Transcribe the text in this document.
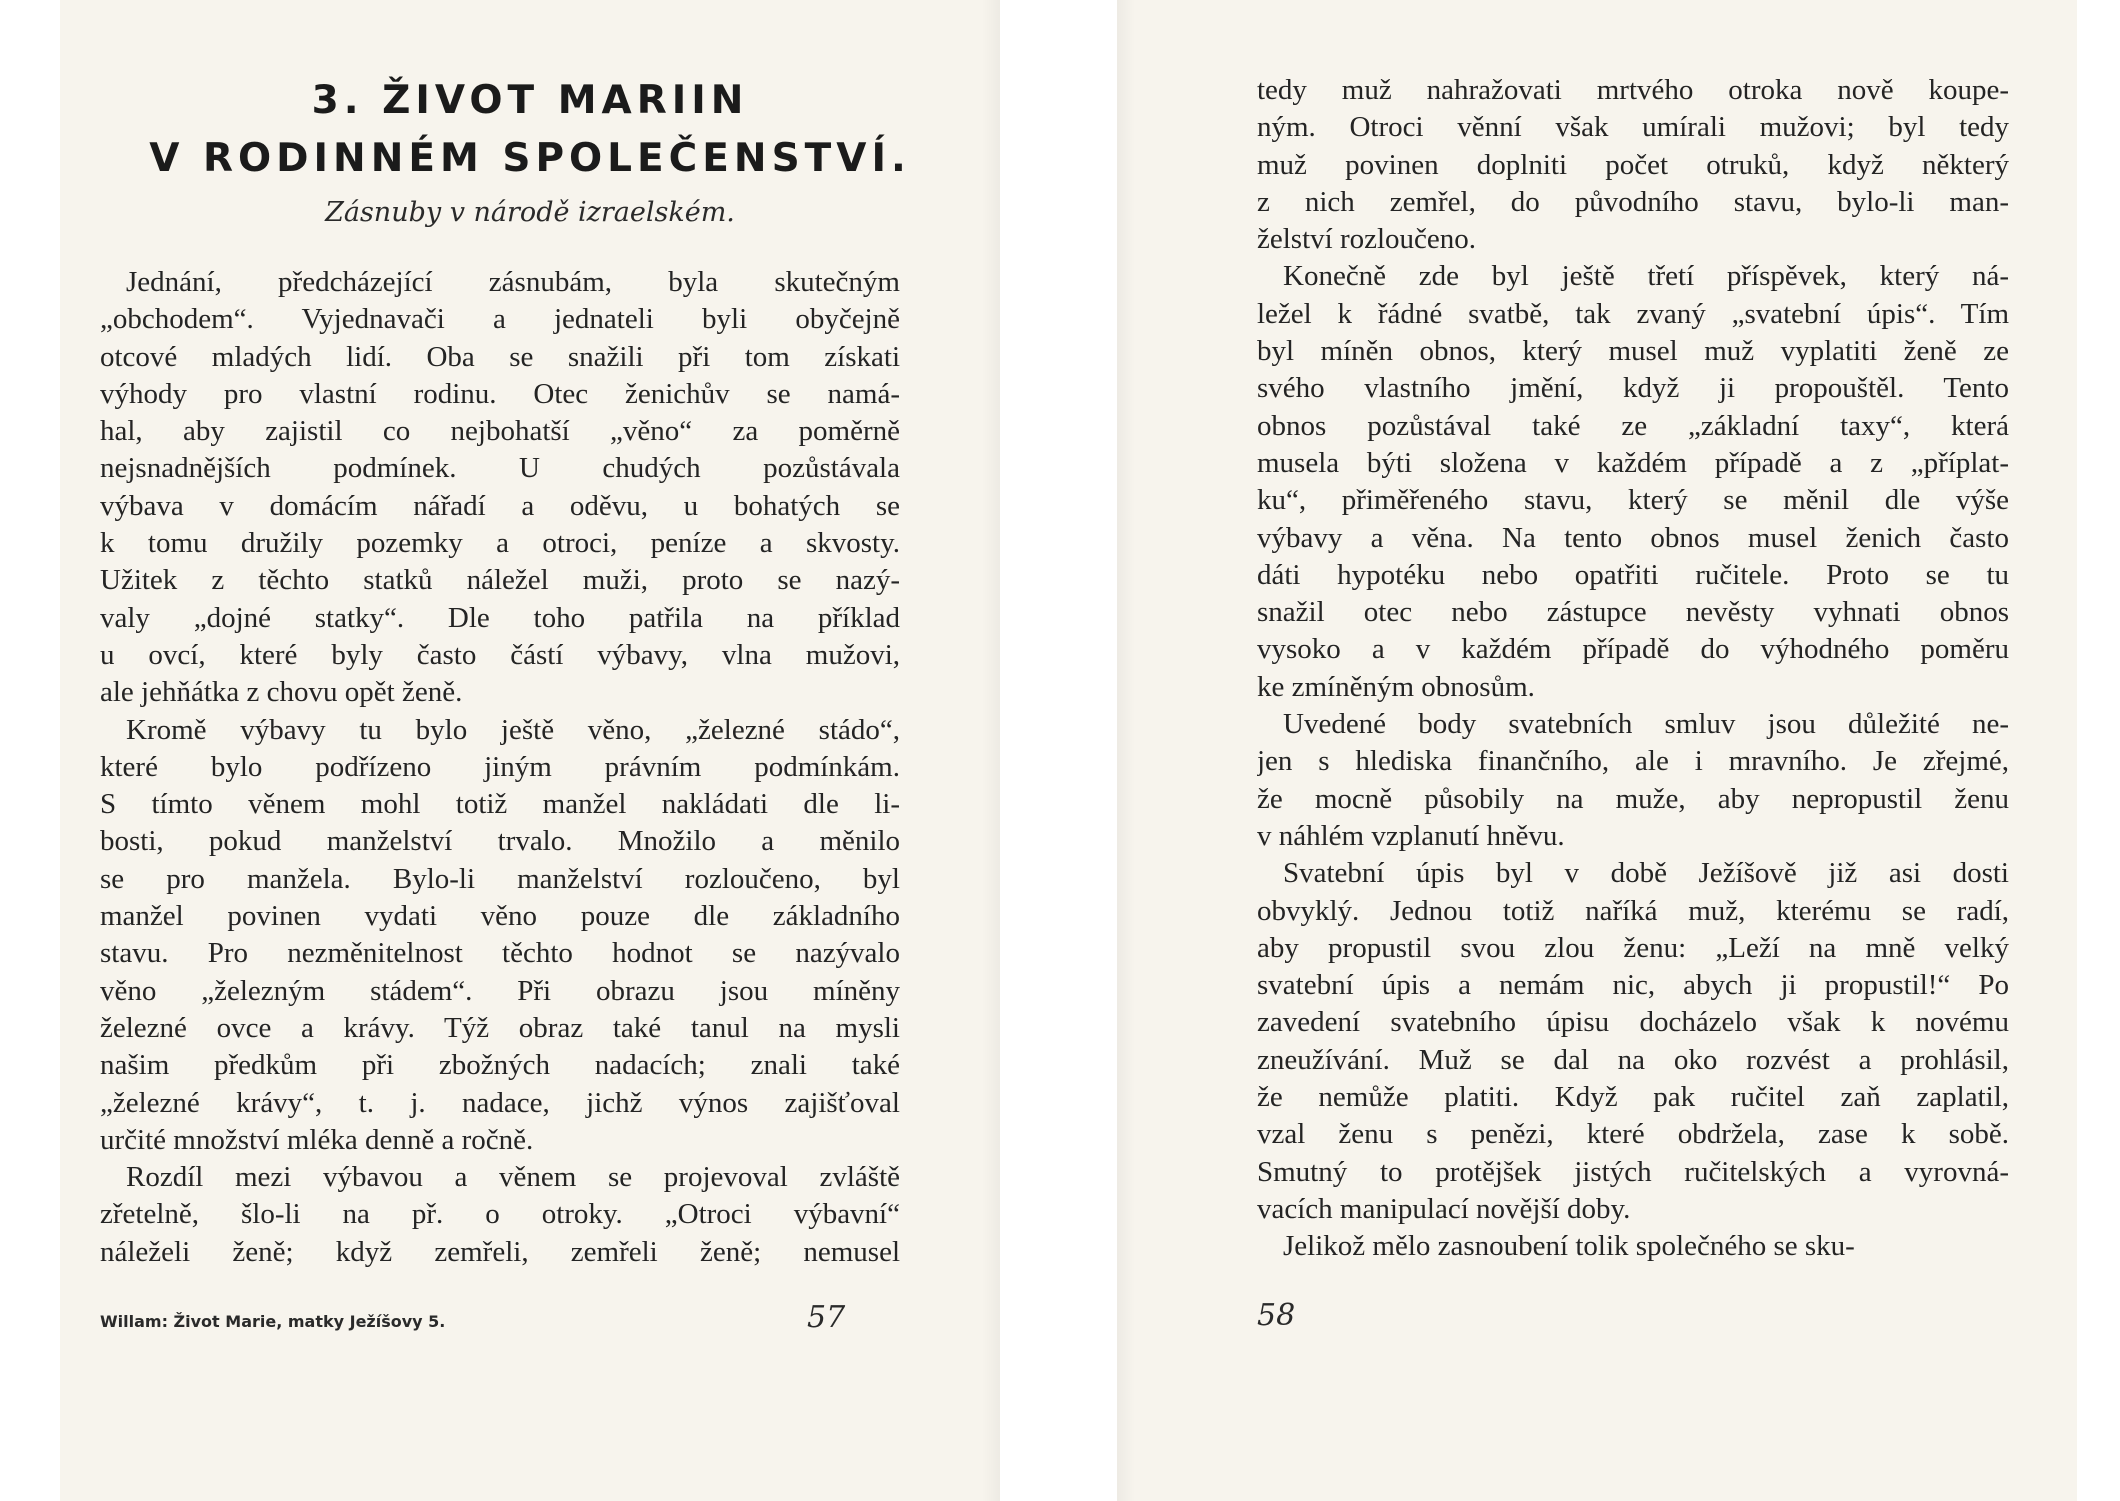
3. ŽIVOT MARIIN
V RODINNÉM SPOLEČENSTVÍ.
Zásnuby v národě izraelském.
Jednání, předcházející zásnubám, byla skutečným
„obchodem“. Vyjednavači a jednateli byli obyčejně
otcové mladých lidí. Oba se snažili při tom získati
výhody pro vlastní rodinu. Otec ženichův se namá-
hal, aby zajistil co nejbohatší „věno“ za poměrně
nejsnadnějších podmínek. U chudých pozůstávala
výbava v domácím nářadí a oděvu, u bohatých se
k tomu družily pozemky a otroci, peníze a skvosty.
Užitek z těchto statků náležel muži, proto se nazý-
valy „dojné statky“. Dle toho patřila na příklad
u ovcí, které byly často částí výbavy, vlna mužovi,
ale jehňátka z chovu opět ženě.
Kromě výbavy tu bylo ještě věno, „železné stádo“,
které bylo podřízeno jiným právním podmínkám.
S tímto věnem mohl totiž manžel nakládati dle li-
bosti, pokud manželství trvalo. Množilo a měnilo
se pro manžela. Bylo-li manželství rozloučeno, byl
manžel povinen vydati věno pouze dle základního
stavu. Pro nezměnitelnost těchto hodnot se nazývalo
věno „železným stádem“. Při obrazu jsou míněny
železné ovce a krávy. Týž obraz také tanul na mysli
našim předkům při zbožných nadacích; znali také
„železné krávy“, t. j. nadace, jichž výnos zajišťoval
určité množství mléka denně a ročně.
Rozdíl mezi výbavou a věnem se projevoval zvláště
zřetelně, šlo-li na př. o otroky. „Otroci výbavní“
náleželi ženě; když zemřeli, zemřeli ženě; nemusel
Willam: Život Marie, matky Ježíšovy 5.	57
tedy muž nahražovati mrtvého otroka nově koupe-
ným. Otroci věnní však umírali mužovi; byl tedy
muž povinen doplniti počet otruků, když některý
z nich zemřel, do původního stavu, bylo-li man-
želství rozloučeno.
Konečně zde byl ještě třetí příspěvek, který ná-
ležel k řádné svatbě, tak zvaný „svatební úpis“. Tím
byl míněn obnos, který musel muž vyplatiti ženě ze
svého vlastního jmění, když ji propouštěl. Tento
obnos pozůstával také ze „základní taxy“, která
musela býti složena v každém případě a z „příplat-
ku“, přiměřeného stavu, který se měnil dle výše
výbavy a věna. Na tento obnos musel ženich často
dáti hypotéku nebo opatřiti ručitele. Proto se tu
snažil otec nebo zástupce nevěsty vyhnati obnos
vysoko a v každém případě do výhodného poměru
ke zmíněným obnosům.
Uvedené body svatebních smluv jsou důležité ne-
jen s hlediska finančního, ale i mravního. Je zřejmé,
že mocně působily na muže, aby nepropustil ženu
v náhlém vzplanutí hněvu.
Svatební úpis byl v době Ježíšově již asi dosti
obvyklý. Jednou totiž naříká muž, kterému se radí,
aby propustil svou zlou ženu: „Leží na mně velký
svatební úpis a nemám nic, abych ji propustil!“ Po
zavedení svatebního úpisu docházelo však k novému
zneužívání. Muž se dal na oko rozvést a prohlásil,
že nemůže platiti. Když pak ručitel zaň zaplatil,
vzal ženu s penězi, které obdržela, zase k sobě.
Smutný to protějšek jistých ručitelských a vyrovná-
vacích manipulací novější doby.
Jelikož mělo zasnoubení tolik společného se sku-
58
